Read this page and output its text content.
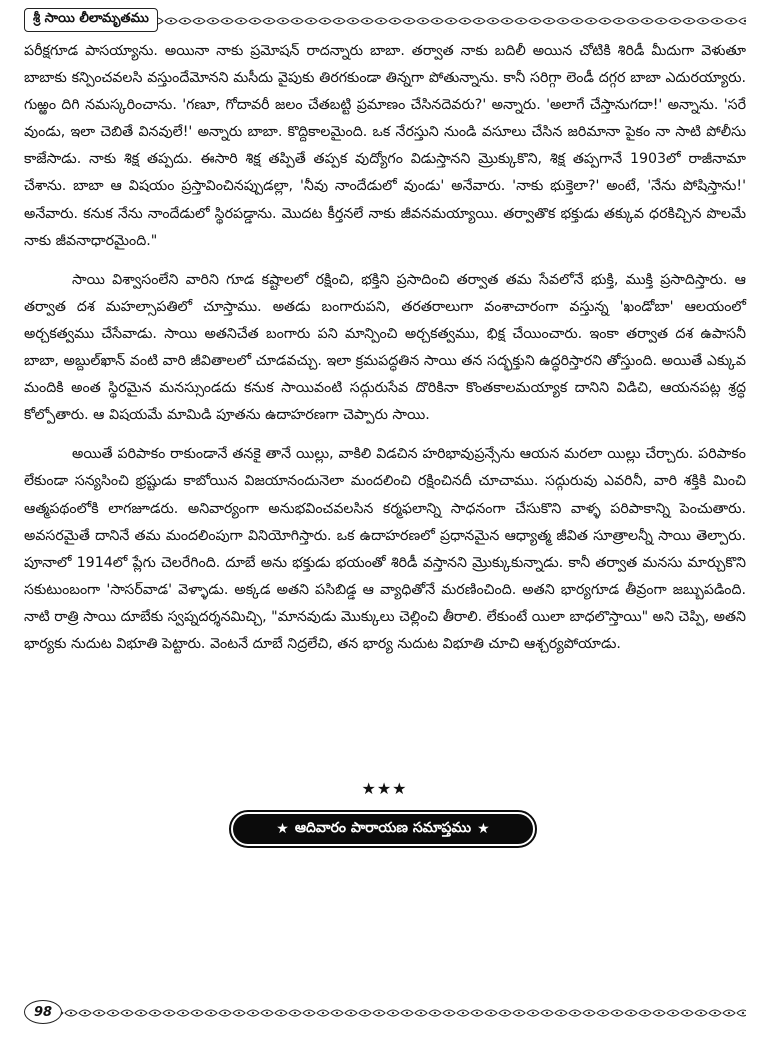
శ్రీ సాయి లీలామృతము

పరీక్షగూడ పాసయ్యాను. అయినా నాకు ప్రమోషన్ రాదన్నారు బాబా. తర్వాత నాకు బదిలీ అయిన చోటికి శిరిడీ మీదుగా వెళుతూ బాబాకు కన్పించవలసి వస్తుందేమోనని మసీదు వైపుకు తిరగకుండా తిన్నగా పోతున్నాను. కానీ సరిగ్గా లెండీ దగ్గర బాబా ఎదురయ్యారు. గుఱ్ఱం దిగి నమస్కరించాను. 'గణూ, గోదావరీ జలం చేతబట్టి ప్రమాణం చేసినదెవరు?' అన్నారు. 'అలాగే చేస్తానుగదా!' అన్నాను. 'సరే వుండు, ఇలా చెబితే వినవులే!' అన్నారు బాబా. కొద్దికాలమైంది. ఒక నేరస్తుని నుండి వసూలు చేసిన జరిమానా పైకం నా సాటి పోలీసు కాజేసాడు. నాకు శిక్ష తప్పదు. ఈసారి శిక్ష తప్పితే తప్పక వుద్యోగం విడుస్తానని మ్రొక్కుకొని, శిక్ష తప్పగానే 1903లో రాజీనామా చేశాను. బాబా ఆ విషయం ప్రస్తావించినప్పుడల్లా, 'నీవు నాందేడులో వుండు' అనేవారు. 'నాకు భుక్తెలా?' అంటే, 'నేను పోషిస్తాను!' అనేవారు. కనుక నేను నాందేడులో స్థిరపడ్డాను. మొదట కీర్తనలే నాకు జీవనమయ్యాయి. తర్వాతొక భక్తుడు తక్కువ ధరకిచ్చిన పొలమే నాకు జీవనాధారమైంది."

సాయి విశ్వాసంలేని వారిని గూడ కష్టాలలో రక్షించి, భక్తిని ప్రసాదించి తర్వాత తమ సేవలోనే భుక్తి, ముక్తి ప్రసాదిస్తారు. ఆ తర్వాత దశ మహల్సాపతిలో చూస్తాము. అతడు బంగారుపని, తరతరాలుగా వంశాచారంగా వస్తున్న 'ఖండోబా' ఆలయంలో అర్చకత్వము చేసేవాడు. సాయి అతనిచేత బంగారు పని మాన్పించి అర్చకత్వము, భిక్ష చేయించారు. ఇంకా తర్వాత దశ ఉపాసనీ బాబా, అబ్దుల్‌ఖాన్ వంటి వారి జీవితాలలో చూడవచ్చు. ఇలా క్రమపద్ధతిన సాయి తన సద్భక్తుని ఉద్ధరిస్తారని తోస్తుంది. అయితే ఎక్కువ మందికి అంత స్థిరమైన మనస్సుండదు కనుక సాయివంటి సద్గురుసేవ దొరికినా కొంతకాలమయ్యాక దానిని విడిచి, ఆయనపట్ల శ్రద్ధ కోల్పోతారు. ఆ విషయమే మామిడి పూతను ఉదాహరణగా చెప్పారు సాయి.

అయితే పరిపాకం రాకుండానే తనకై తానే యిల్లు, వాకిలి విడచిన హరిభావుప్రన్సేను ఆయన మరలా యిల్లు చేర్చారు. పరిపాకం లేకుండా సన్యసించి భ్రష్టుడు కాబోయిన విజయానందునెలా మందలించి రక్షించినదీ చూచాము. సద్గురువు ఎవరినీ, వారి శక్తికి మించి ఆత్మపథంలోకి లాగజూడరు. అనివార్యంగా అనుభవించవలసిన కర్మఫలాన్ని సాధనంగా చేసుకొని వాళ్ళ పరిపాకాన్ని పెంచుతారు. అవసరమైతే దానినే తమ మందలింపుగా వినియోగిస్తారు. ఒక ఉదాహరణలో ప్రధానమైన ఆధ్యాత్మ జీవిత సూత్రాలన్నీ సాయి తెల్పారు. పూనాలో 1914లో ప్లేగు చెలరేగింది. దూబే అను భక్తుడు భయంతో శిరిడీ వస్తానని మ్రొక్కుకున్నాడు. కానీ తర్వాత మనసు మార్చుకొని సకుటుంబంగా 'సాసర్‌వాడ' వెళ్ళాడు. అక్కడ అతని పసిబిడ్డ ఆ వ్యాధితోనే మరణించింది. అతని భార్యగూడ తీవ్రంగా జబ్బుపడింది. నాటి రాత్రి సాయి దూబేకు స్వప్నదర్శనమిచ్చి, "మానవుడు మొక్కులు చెల్లించి తీరాలి. లేకుంటే యిలా బాధలొస్తాయి" అని చెప్పి, అతని భార్యకు నుదుట విభూతి పెట్టారు. వెంటనే దూబే నిద్రలేచి, తన భార్య నుదుట విభూతి చూచి ఆశ్చర్యపోయాడు.

★★★
★ ఆదివారం పారాయణ సమాప్తము ★
98
